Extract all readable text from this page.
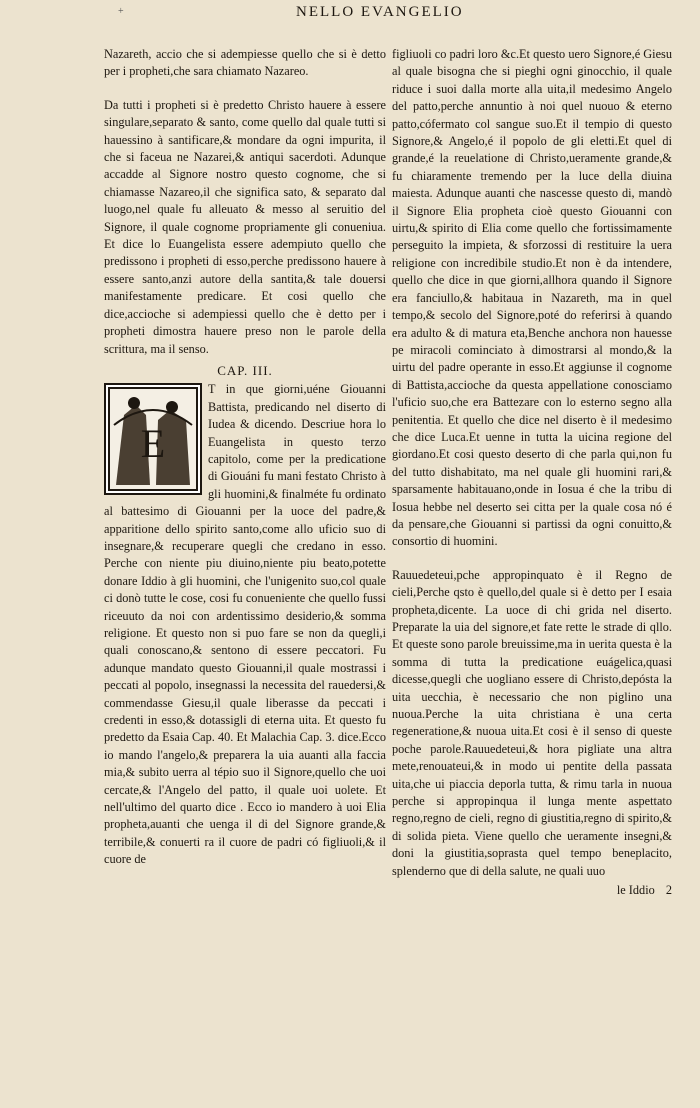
+	NELLO EVANGELIO

Nazareth, accio che si adempiesse quello che si è detto per i propheti,che sara chiamato Nazareo.

Da tutti i propheti si è predetto Christo hauere à essere singulare,separato & santo, come quello dal quale tutti si hauessino à santificare,& mondare da ogni impurita, il che si faceua ne Nazarei,& antiqui sacerdoti. Adunque accadde al Signore nostro questo cognome, che si chiamasse Nazareo,il che significa sato, & separato dal luogo,nel quale fu alleuato & messo al seruitio del Signore, il quale cognome propriamente gli conueniua. Et dice lo Euangelista essere adempiuto quello che predissono i propheti di esso,perche predissono hauere à essere santo,anzi autore della santita,& tale douersi manifestamente predicare. Et cosi quello che dice,accioche si adempiessi quello che è detto per i propheti dimostra hauere preso non le parole della scrittura, ma il senso.

CAP. III.
E

T in que giorni,uéne Giouanni Battista, predicando nel diserto di Iudea & dicendo. Descriue hora lo Euangelista in questo terzo capitolo, come per la predicatione di Giouáni fu mani festato Christo à gli huomini,& finalméte fu ordinato al battesimo di Giouanni per la uoce del padre,& apparitione dello spirito santo,come allo uficio suo di insegnare,& recuperare quegli che credano in esso. Perche con niente piu diuino,niente piu beato,potette donare Iddio à gli huomini, che l'unigenito suo,col quale ci donò tutte le cose, cosi fu conueniente che quello fussi riceuuto da noi con ardentissimo desiderio,& somma religione. Et questo non si puo fare se non da quegli,i quali conoscano,& sentono di essere peccatori. Fu adunque mandato questo Giouanni,il quale mostrassi i peccati al popolo, insegnassi la necessita del rauedersi,& commendasse Giesu,il quale liberasse da peccati i credenti in esso,& dotassigli di eterna uita. Et questo fu predetto da Esaia Cap. 40. Et Malachia Cap. 3. dice.Ecco io mando l'angelo,& preparera la uia auanti alla faccia mia,& subito uerra al tépio suo il Signore,quello che uoi cercate,& l'Angelo del patto, il quale uoi uolete. Et nell'ultimo del quarto dice . Ecco io mandero à uoi Elia propheta,auanti che uenga il di del Signore grande,& terribile,& conuerti ra il cuore de padri có figliuoli,& il cuore de

figliuoli co padri loro &c.Et questo uero Signore,é Giesu al quale bisogna che si pieghi ogni ginocchio, il quale riduce i suoi dalla morte alla uita,il medesimo Angelo del patto,perche annuntio à noi quel nuouo & eterno patto,cófermato col sangue suo.Et il tempio di questo Signore,& Angelo,é il popolo de gli eletti.Et quel di grande,é la reuelatione di Christo,ueramente grande,& fu chiaramente tremendo per la luce della diuina maiesta. Adunque auanti che nascesse questo di, mandò il Signore Elia propheta cioè questo Giouanni con uirtu,& spirito di Elia come quello che fortissimamente perseguito la impieta, & sforzossi di restituire la uera religione con incredibile studio.Et non è da intendere, quello che dice in que giorni,allhora quando il Signore era fanciullo,& habitaua in Nazareth, ma in quel tempo,& secolo del Signore,poté do referirsi à quando era adulto & di matura eta,Benche anchora non hauesse pe miracoli cominciato à dimostrarsi al mondo,& la uirtu del padre operante in esso.Et aggiunse il cognome di Battista,accioche da questa appellatione conosciamo l'uficio suo,che era Battezare con lo esterno segno alla penitentia. Et quello che dice nel diserto è il medesimo che dice Luca.Et uenne in tutta la uicina regione del giordano.Et cosi questo deserto di che parla qui,non fu del tutto dishabitato, ma nel quale gli huomini rari,& sparsamente habitauano,onde in Iosua é che la tribu di Iosua hebbe nel deserto sei citta per la quale cosa nó é da pensare,che Giouanni si partissi da ogni conuitto,& consortio di huomini.

Rauuedeteui,pche appropinquato è il Regno de cieli,Perche qsto è quello,del quale si è detto per I esaia propheta,dicente. La uoce di chi grida nel diserto. Preparate la uia del signore,et fate rette le strade di qllo. Et queste sono parole breuissime,ma in uerita questa è la somma di tutta la predicatione euágelica,quasi dicesse,quegli che uogliano essere di Christo,depósta la uita uecchia, è necessario che non piglino una nuoua.Perche la uita christiana è una certa regeneratione,& nuoua uita.Et cosi è il senso di queste poche parole.Rauuedeteui,& hora pigliate una altra mete,renouateui,& in modo ui pentite della passata uita,che ui piaccia deporla tutta, & rimu tarla in nuoua perche si appropinqua il lunga mente aspettato regno,regno de cieli, regno di giustitia,regno di spirito,& di solida pieta. Viene quello che ueramente insegni,& doni la giustitia,soprasta quel tempo beneplacito, splenderno que di della salute, ne quali uuo

le Iddio 2
